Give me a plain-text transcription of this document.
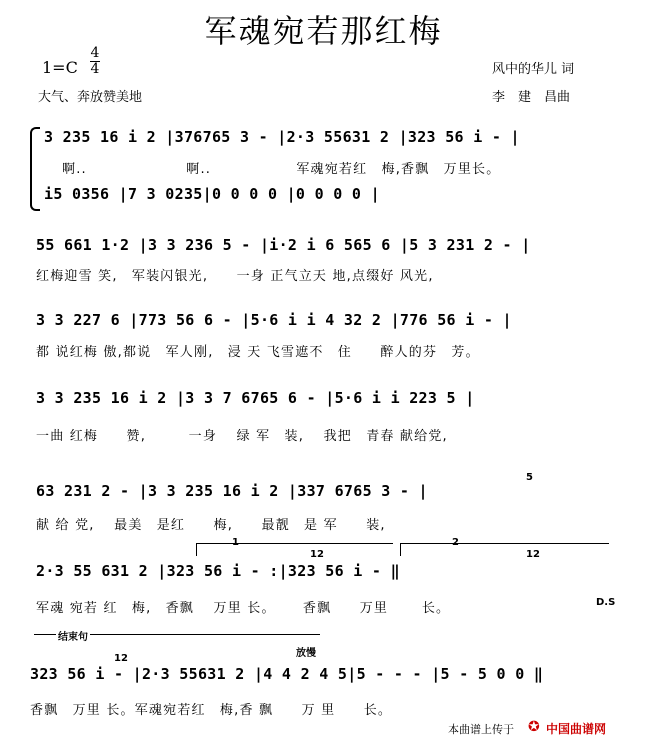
军魂宛若那红梅
1=C
4
4
大气、奔放赞美地
风中的华儿 词
李　建　昌曲
3 235 16 i 2 |376765 3 - |2·3 55631 2 |323 56 i - |
啊..　　　　　　　啊..　　　　　　军魂宛若红　梅,香飘　万里长。
i5 0356 |7 3 0235|0 0 0 0 |0 0 0 0 |
55 661 1·2 |3 3 236 5 - |i·2 i 6 565 6 |5 3 231 2 - |
红梅迎雪 笑,　军装闪银光,　　一身 正气立天 地,点缀好 风光,
3 3 227 6 |773 56 6 - |5·6 i i 4 32 2 |776 56 i - |
都 说红梅 傲,都说　军人刚,　浸 天 飞雪遮不　住　　醉人的芬　芳。
3 3 235 16 i 2 |3 3 7 6765 6 - |5·6 i i 223 5 |
一曲 红梅　　赞,　　　一身　 绿 军　装,　 我把　青春 献给党,
63 231 2 - |3 3 235 16 i 2 |337 6765 3 - |
献 给 党,　 最美　是红　　梅,　　最靓　是 军　　装,
5
1	2
12	12
2·3 55 631 2 |323 56 i - :|323 56 i - ‖
军魂 宛若 红　梅,　香飘　 万里 长。　　 香飘　　万里　　 长。	D.S
结束句
放慢
12
323 56 i - |2·3 55631 2 |4 4 2 4 5|5 - - - |5 - 5 0 0 ‖
香飘　万里 长。军魂宛若红　梅,香 飘　　万 里　　长。
本曲谱上传于 ✪ 中国曲谱网
